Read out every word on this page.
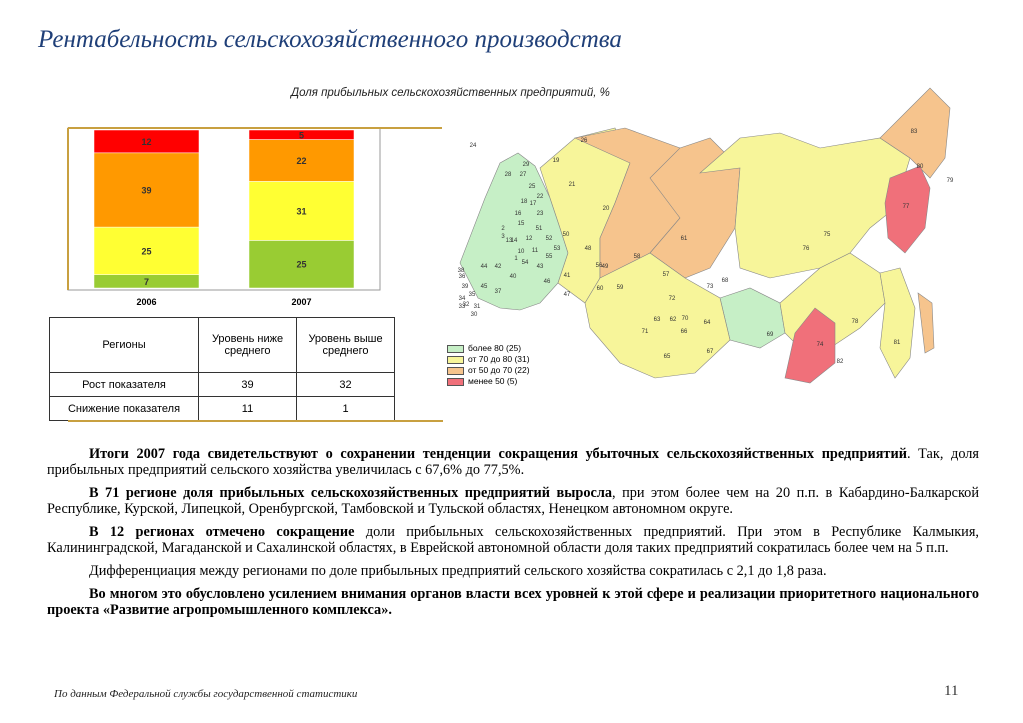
Рентабельность сельскохозяйственного производства
Доля прибыльных сельскохозяйственных предприятий, %
7
25
39
12
25
31
22
5
2006	2007
Регионы	Уровень ниже среднего	Уровень выше среднего
Рост показателя	39	32
Снижение показателя	11	1
83
24
26
29
19
28 27
25	21
18
20
22
23
17
16
2
15
3
13
14
50
51
52
12
10 11
44
48
49
53
38
42
45
54
46
43
41
1
40
47
36
39
34
35
33
32 31
30
37
58
57
55
56
59
60
61
62
63	64
65
66
67
68
69
70
71
72
73
74
75
76
77
78
79
80
81
82
более 80 (25)
от 70 до 80 (31)
от 50 до 70 (22)
менее 50 (5)

Итоги 2007 года свидетельствуют о сохранении тенденции сокращения убыточных сельскохозяйственных предприятий. Так, доля прибыльных предприятий сельского хозяйства увеличилась с 67,6% до 77,5%.

В 71 регионе доля прибыльных сельскохозяйственных предприятий выросла, при этом более чем на 20 п.п. в Кабардино-Балкарской Республике, Курской, Липецкой, Оренбургской, Тамбовской и Тульской областях, Ненецком автономном округе.

В 12 регионах отмечено сокращение доли прибыльных сельскохозяйственных предприятий. При этом в Республике Калмыкия, Калининградской, Магаданской и Сахалинской областях, в Еврейской автономной области доля таких предприятий сократилась более чем на 5 п.п.

Дифференциация между регионами по доле прибыльных предприятий сельского хозяйства сократилась с 2,1 до 1,8 раза.

Во многом это обусловлено усилением внимания органов власти всех уровней к этой сфере и реализации приоритетного национального проекта «Развитие агропромышленного комплекса».

По данным Федеральной службы государственной статистики	11
